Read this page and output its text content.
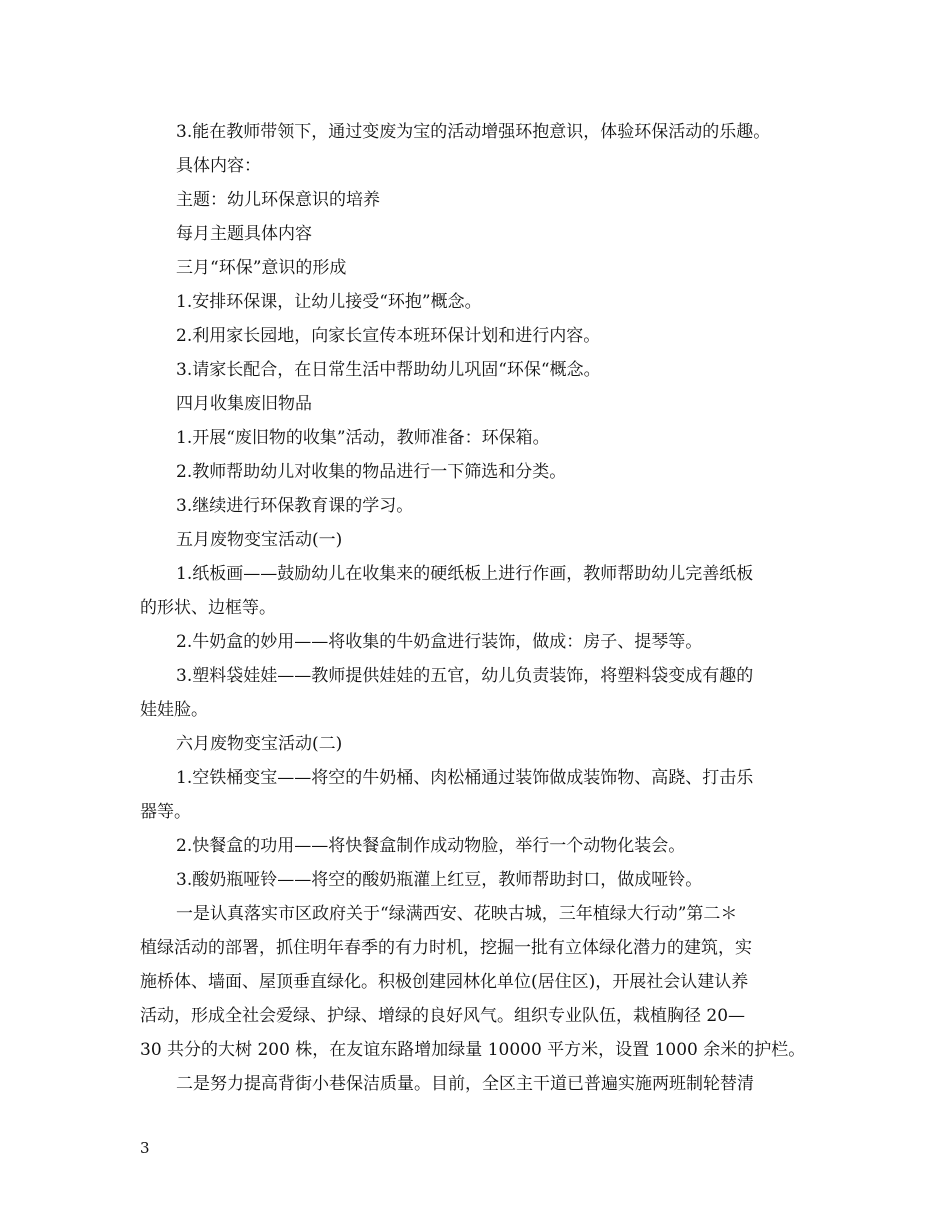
3.能在教师带领下，通过变废为宝的活动增强环抱意识，体验环保活动的乐趣。
具体内容：
主题：幼儿环保意识的培养
每月主题具体内容
三月“环保”意识的形成
1.安排环保课，让幼儿接受“环抱”概念。
2.利用家长园地，向家长宣传本班环保计划和进行内容。
3.请家长配合，在日常生活中帮助幼儿巩固“环保“概念。
四月收集废旧物品
1.开展“废旧物的收集”活动，教师准备：环保箱。
2.教师帮助幼儿对收集的物品进行一下筛选和分类。
3.继续进行环保教育课的学习。
五月废物变宝活动(一)
1.纸板画——鼓励幼儿在收集来的硬纸板上进行作画，教师帮助幼儿完善纸板
的形状、边框等。
2.牛奶盒的妙用——将收集的牛奶盒进行装饰，做成：房子、提琴等。
3.塑料袋娃娃——教师提供娃娃的五官，幼儿负责装饰，将塑料袋变成有趣的
娃娃脸。
六月废物变宝活动(二)
1.空铁桶变宝——将空的牛奶桶、肉松桶通过装饰做成装饰物、高跷、打击乐
器等。
2.快餐盒的功用——将快餐盒制作成动物脸，举行一个动物化装会。
3.酸奶瓶哑铃——将空的酸奶瓶灌上红豆，教师帮助封口，做成哑铃。
一是认真落实市区政府关于“绿满西安、花映古城，三年植绿大行动”第二＊
植绿活动的部署，抓住明年春季的有力时机，挖掘一批有立体绿化潜力的建筑，实
施桥体、墙面、屋顶垂直绿化。积极创建园林化单位(居住区)，开展社会认建认养
活动，形成全社会爱绿、护绿、增绿的良好风气。组织专业队伍，栽植胸径 20—
30 共分的大树 200 株，在友谊东路增加绿量 10000 平方米，设置 1000 余米的护栏。
二是努力提高背街小巷保洁质量。目前，全区主干道已普遍实施两班制轮替清
3
